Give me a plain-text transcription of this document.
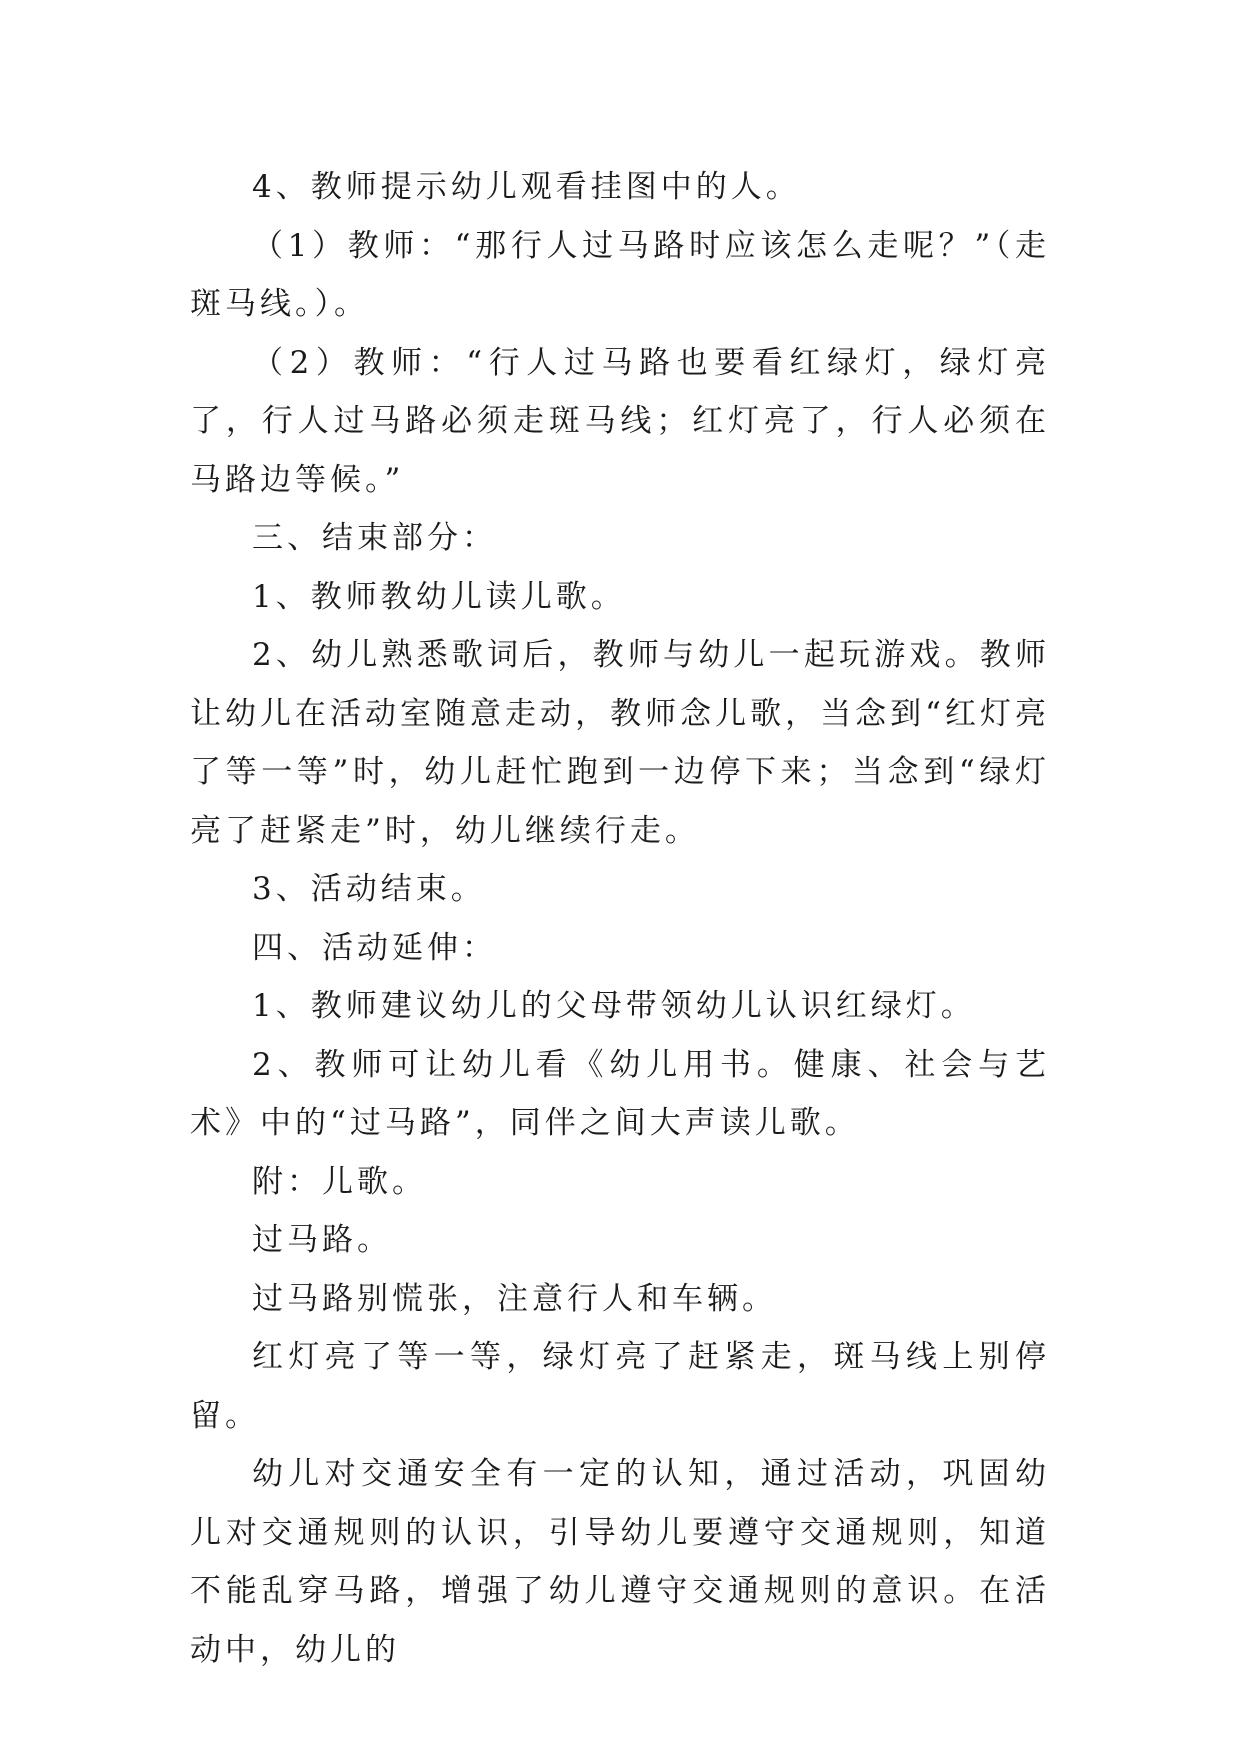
4、教师提示幼儿观看挂图中的人。

（1）教师：“那行人过马路时应该怎么走呢？”（走斑马线。）。

（2）教师：“行人过马路也要看红绿灯，绿灯亮了，行人过马路必须走斑马线；红灯亮了，行人必须在马路边等候。”

三、结束部分：

1、教师教幼儿读儿歌。

2、幼儿熟悉歌词后，教师与幼儿一起玩游戏。教师让幼儿在活动室随意走动，教师念儿歌，当念到“红灯亮了等一等”时，幼儿赶忙跑到一边停下来；当念到“绿灯亮了赶紧走”时，幼儿继续行走。

3、活动结束。

四、活动延伸：

1、教师建议幼儿的父母带领幼儿认识红绿灯。

2、教师可让幼儿看《幼儿用书。健康、社会与艺术》中的“过马路”，同伴之间大声读儿歌。

附：儿歌。

过马路。

过马路别慌张，注意行人和车辆。

红灯亮了等一等，绿灯亮了赶紧走，斑马线上别停留。

幼儿对交通安全有一定的认知，通过活动，巩固幼儿对交通规则的认识，引导幼儿要遵守交通规则，知道不能乱穿马路，增强了幼儿遵守交通规则的意识。在活动中，幼儿的
